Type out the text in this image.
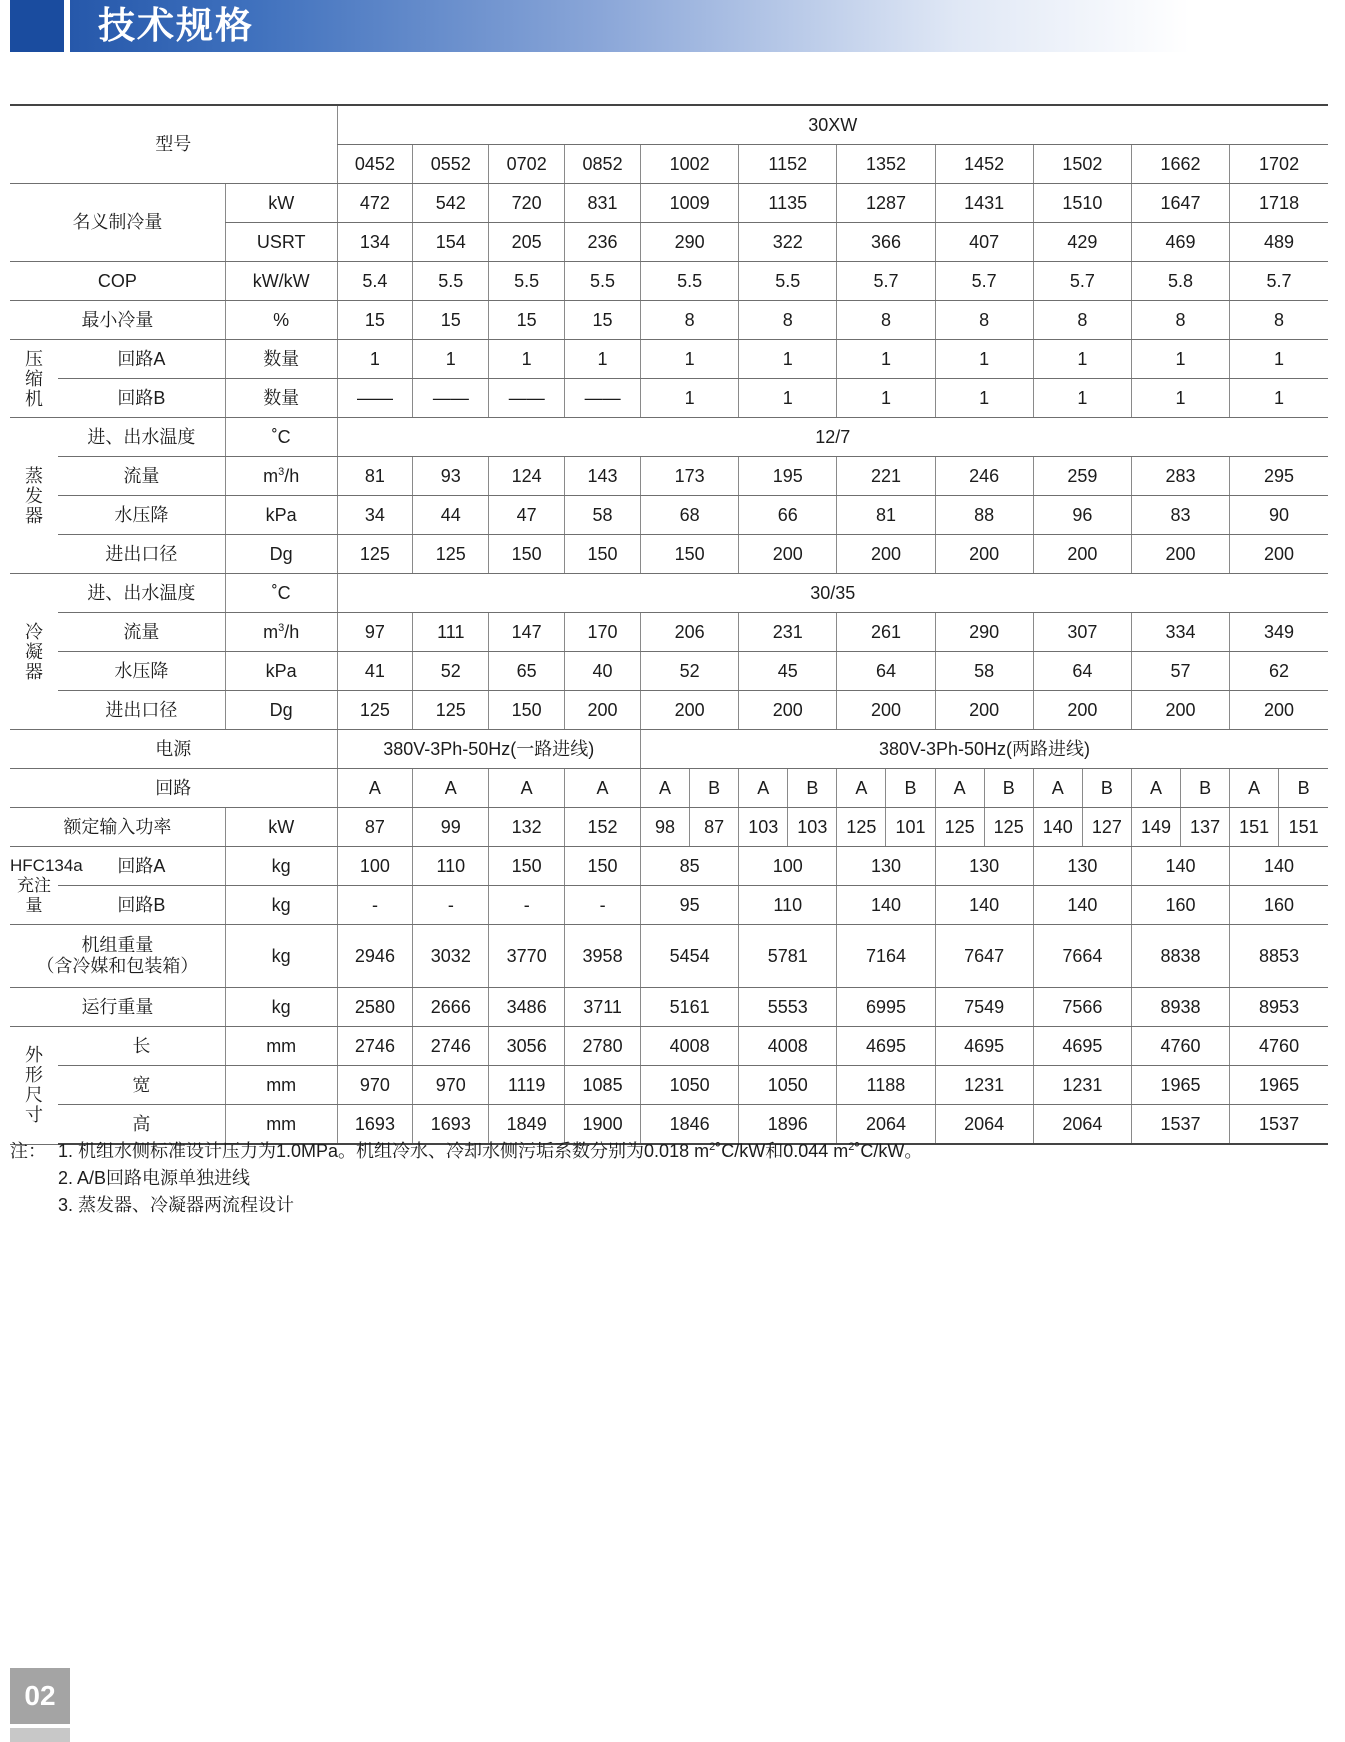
技术规格
型号			30XW																	
			0452	0552	0702	0852	1002		1152		1352		1452		1502		1662		1702	
名义制冷量		kW	472	542	720	831	1009		1135		1287		1431		1510		1647		1718	
		USRT	134	154	205	236	290		322		366		407		429		469		489	
COP		kW/kW	5.4	5.5	5.5	5.5	5.5		5.5		5.7		5.7		5.7		5.8		5.7	
最小冷量		%	15	15	15	15	8		8		8		8		8		8		8	
压
缩
机	回路A	数量	1	1	1	1	1		1		1		1		1		1		1	
	回路B	数量	——	——	——	——	1		1		1		1		1		1		1	
蒸
发
器	进、出水温度	˚C	12/7																	
	流量	$m^3/h$	81	93	124	143	173		195		221		246		259		283		295	
	水压降	kPa	34	44	47	58	68		66		81		88		96		83		90	
	进出口径	Dg	125	125	150	150	150		200		200		200		200		200		200	
冷
凝
器	进、出水温度	˚C	30/35																	
	流量	$m^3/h$	97	111	147	170	206		231		261		290		307		334		349	
	水压降	kPa	41	52	65	40	52		45		64		58		64		57		62	
	进出口径	Dg	125	125	150	200	200		200		200		200		200		200		200	
电源			380V-3Ph-50Hz(一路进线)				380V-3Ph-50Hz(两路进线)													
回路			A	A	A	A	A	B	A	B	A	B	A	B	A	B	A	B	A	B
额定输入功率		kW	87	99	132	152	98	87	103	103	125	101	125	125	140	127	149	137	151	151
HFC134a
充注量	回路A	kg	100	110	150	150	85		100		130		130		130		140		140	
	回路B	kg	-	-	-	-	95		110		140		140		140		160		160	
机组重量
（含冷媒和包装箱）		kg	2946	3032	3770	3958	5454		5781		7164		7647		7664		8838		8853	
运行重量		kg	2580	2666	3486	3711	5161		5553		6995		7549		7566		8938		8953	
外
形
尺
寸	长	mm	2746	2746	3056	2780	4008		4008		4695		4695		4695		4760		4760	
	宽	mm	970	970	1119	1085	1050		1050		1188		1231		1231		1965		1965	
	高	mm	1693	1693	1849	1900	1846		1896		2064		2064		2064		1537		1537	
注： 1. 机组水侧标准设计压力为1.0MPa。机组冷水、冷却水侧污垢系数分别为0.018 $m^2˚C/kW$和0.044 $m^2˚C/kW$。
2. A/B回路电源单独进线
3. 蒸发器、冷凝器两流程设计
02
